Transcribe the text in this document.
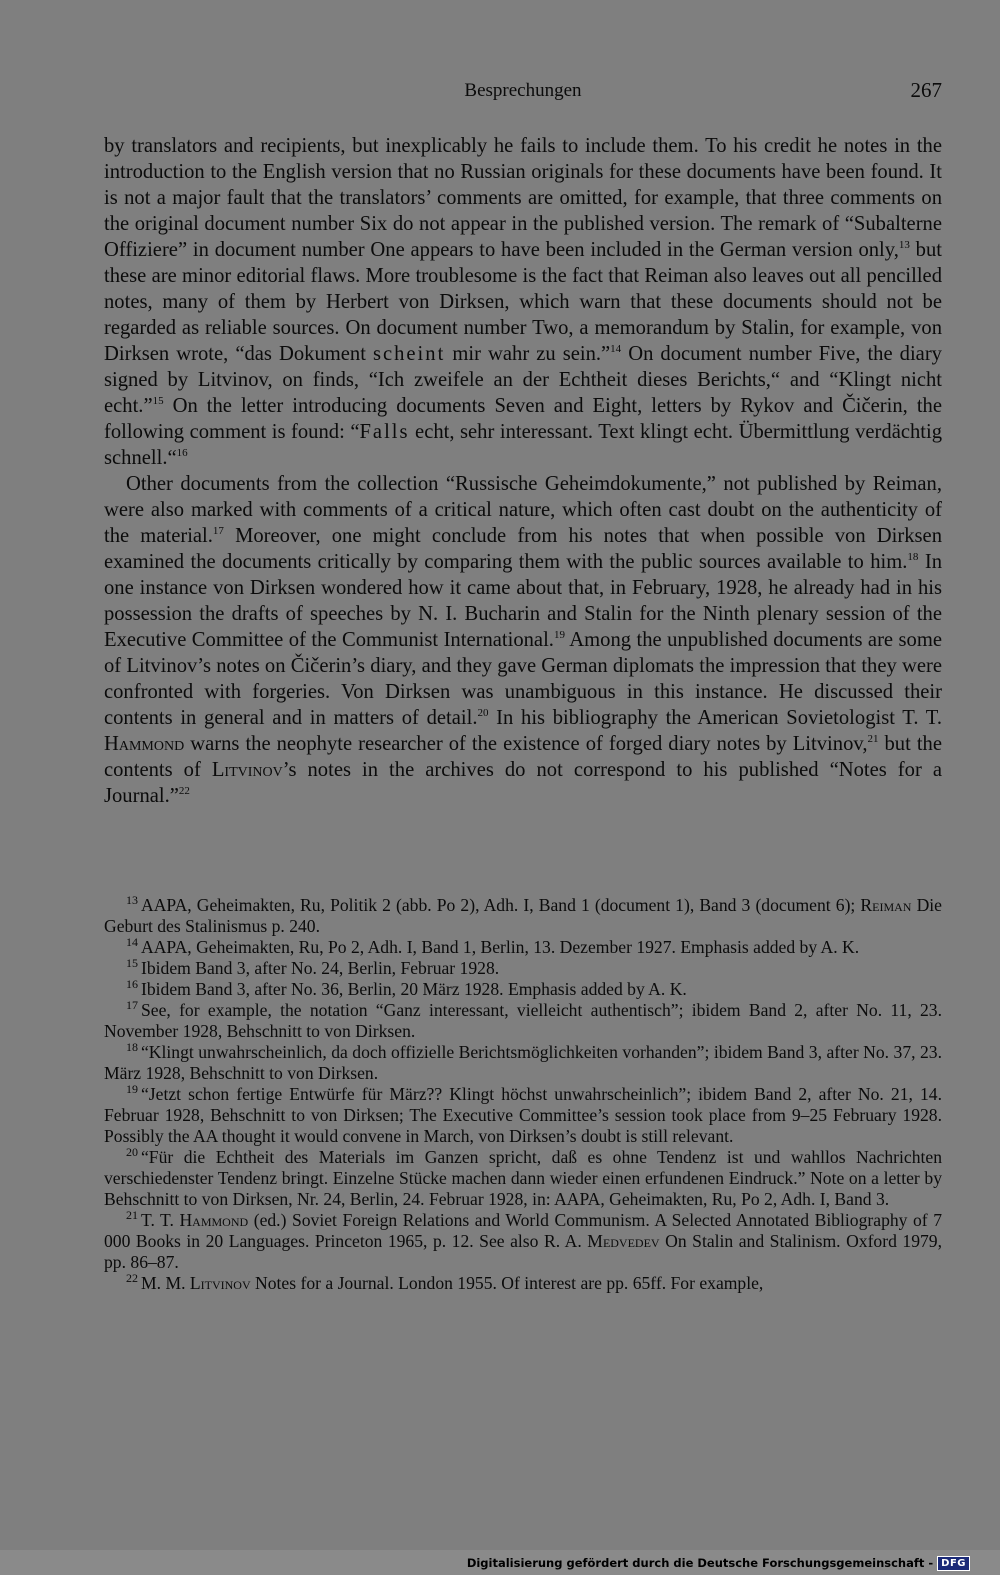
Besprechungen	267

by translators and recipients, but inexplicably he fails to include them. To his credit he notes in the introduction to the English version that no Russian originals for these documents have been found. It is not a major fault that the translators’ comments are omitted, for example, that three comments on the original document number Six do not appear in the published version. The remark of “Subalterne Offiziere” in document number One appears to have been included in the German version only,$^{13}$ but these are minor editorial flaws. More troublesome is the fact that Reiman also leaves out all pencilled notes, many of them by Herbert von Dirksen, which warn that these documents should not be regarded as reliable sources. On document number Two, a memorandum by Stalin, for example, von Dirksen wrote, “das Dokument scheint mir wahr zu sein.”$^{14}$ On document number Five, the diary signed by Litvinov, on finds, “Ich zweifele an der Echtheit dieses Berichts,“ and “Klingt nicht echt.”$^{15}$ On the letter introducing documents Seven and Eight, letters by Rykov and Čičerin, the following comment is found: “Falls echt, sehr interessant. Text klingt echt. Übermittlung verdächtig schnell.“$^{16}$

Other documents from the collection “Russische Geheimdokumente,” not published by Reiman, were also marked with comments of a critical nature, which often cast doubt on the authenticity of the material.$^{17}$ Moreover, one might conclude from his notes that when possible von Dirksen examined the documents critically by comparing them with the public sources available to him.$^{18}$ In one instance von Dirksen wondered how it came about that, in February, 1928, he already had in his possession the drafts of speeches by N. I. Bucharin and Stalin for the Ninth plenary session of the Executive Committee of the Communist International.$^{19}$ Among the unpublished documents are some of Litvinov’s notes on Čičerin’s diary, and they gave German diplomats the impression that they were confronted with forgeries. Von Dirksen was unambiguous in this instance. He discussed their contents in general and in matters of detail.$^{20}$ In his bibliography the American Sovietologist T. T. Hammond warns the neophyte researcher of the existence of forged diary notes by Litvinov,$^{21}$ but the contents of Litvinov’s notes in the archives do not correspond to his published “Notes for a Journal.”$^{22}$

$^{13}$ AAPA, Geheimakten, Ru, Politik 2 (abb. Po 2), Adh. I, Band 1 (document 1), Band 3 (document 6); Reiman Die Geburt des Stalinismus p. 240.

$^{14}$ AAPA, Geheimakten, Ru, Po 2, Adh. I, Band 1, Berlin, 13. Dezember 1927. Emphasis added by A. K.

$^{15}$ Ibidem Band 3, after No. 24, Berlin, Februar 1928.

$^{16}$ Ibidem Band 3, after No. 36, Berlin, 20 März 1928. Emphasis added by A. K.

$^{17}$ See, for example, the notation “Ganz interessant, vielleicht authentisch”; ibidem Band 2, after No. 11, 23. November 1928, Behschnitt to von Dirksen.

$^{18}$ “Klingt unwahrscheinlich, da doch offizielle Berichtsmöglichkeiten vorhanden”; ibidem Band 3, after No. 37, 23. März 1928, Behschnitt to von Dirksen.

$^{19}$ “Jetzt schon fertige Entwürfe für März?? Klingt höchst unwahrscheinlich”; ibidem Band 2, after No. 21, 14. Februar 1928, Behschnitt to von Dirksen; The Executive Committee’s session took place from 9–25 February 1928. Possibly the AA thought it would convene in March, von Dirksen’s doubt is still relevant.

$^{20}$ “Für die Echtheit des Materials im Ganzen spricht, daß es ohne Tendenz ist und wahllos Nachrichten verschiedenster Tendenz bringt. Einzelne Stücke machen dann wieder einen erfundenen Eindruck.” Note on a letter by Behschnitt to von Dirksen, Nr. 24, Berlin, 24. Februar 1928, in: AAPA, Geheimakten, Ru, Po 2, Adh. I, Band 3.

$^{21}$ T. T. Hammond (ed.) Soviet Foreign Relations and World Communism. A Selected Annotated Bibliography of 7 000 Books in 20 Languages. Princeton 1965, p. 12. See also R. A. Medvedev On Stalin and Stalinism. Oxford 1979, pp. 86–87.

$^{22}$ M. M. Litvinov Notes for a Journal. London 1955. Of interest are pp. 65ff. For example,

Digitalisierung gefördert durch die Deutsche Forschungsgemeinschaft - DFG
